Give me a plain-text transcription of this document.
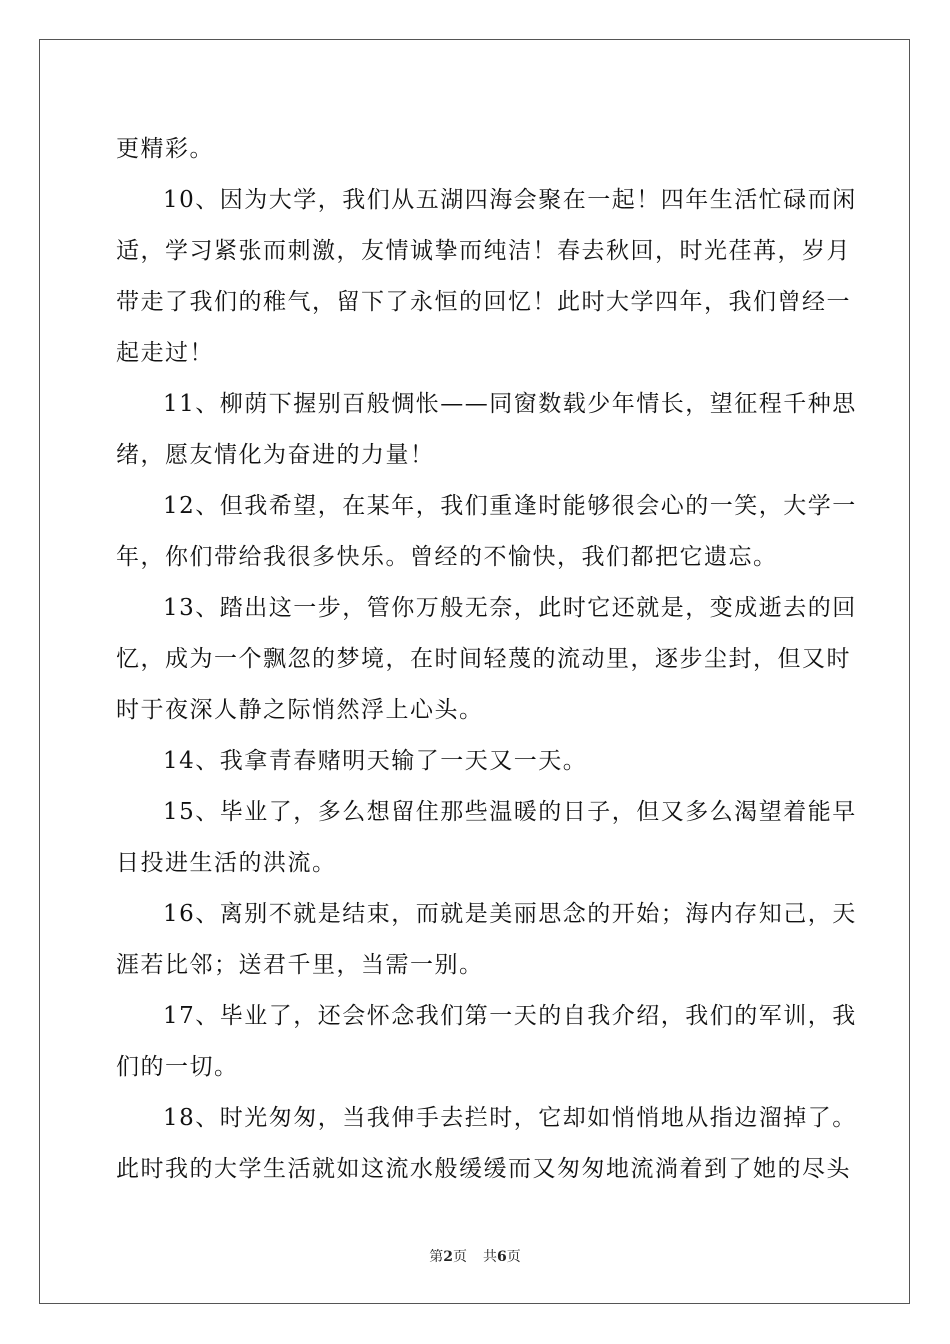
更精彩。
10、因为大学，我们从五湖四海会聚在一起！四年生活忙碌而闲
适，学习紧张而刺激，友情诚挚而纯洁！春去秋回，时光荏苒，岁月
带走了我们的稚气，留下了永恒的回忆！此时大学四年，我们曾经一
起走过！
11、柳荫下握别百般惆怅——同窗数载少年情长，望征程千种思
绪，愿友情化为奋进的力量！
12、但我希望，在某年，我们重逢时能够很会心的一笑，大学一
年，你们带给我很多快乐。曾经的不愉快，我们都把它遗忘。
13、踏出这一步，管你万般无奈，此时它还就是，变成逝去的回
忆，成为一个飘忽的梦境，在时间轻蔑的流动里，逐步尘封，但又时
时于夜深人静之际悄然浮上心头。
14、我拿青春赌明天输了一天又一天。
15、毕业了，多么想留住那些温暖的日子，但又多么渴望着能早
日投进生活的洪流。
16、离别不就是结束，而就是美丽思念的开始；海内存知己，天
涯若比邻；送君千里，当需一别。
17、毕业了，还会怀念我们第一天的自我介绍，我们的军训，我
们的一切。
18、时光匆匆，当我伸手去拦时，它却如悄悄地从指边溜掉了。
此时我的大学生活就如这流水般缓缓而又匆匆地流淌着到了她的尽头
第2页 共6页
